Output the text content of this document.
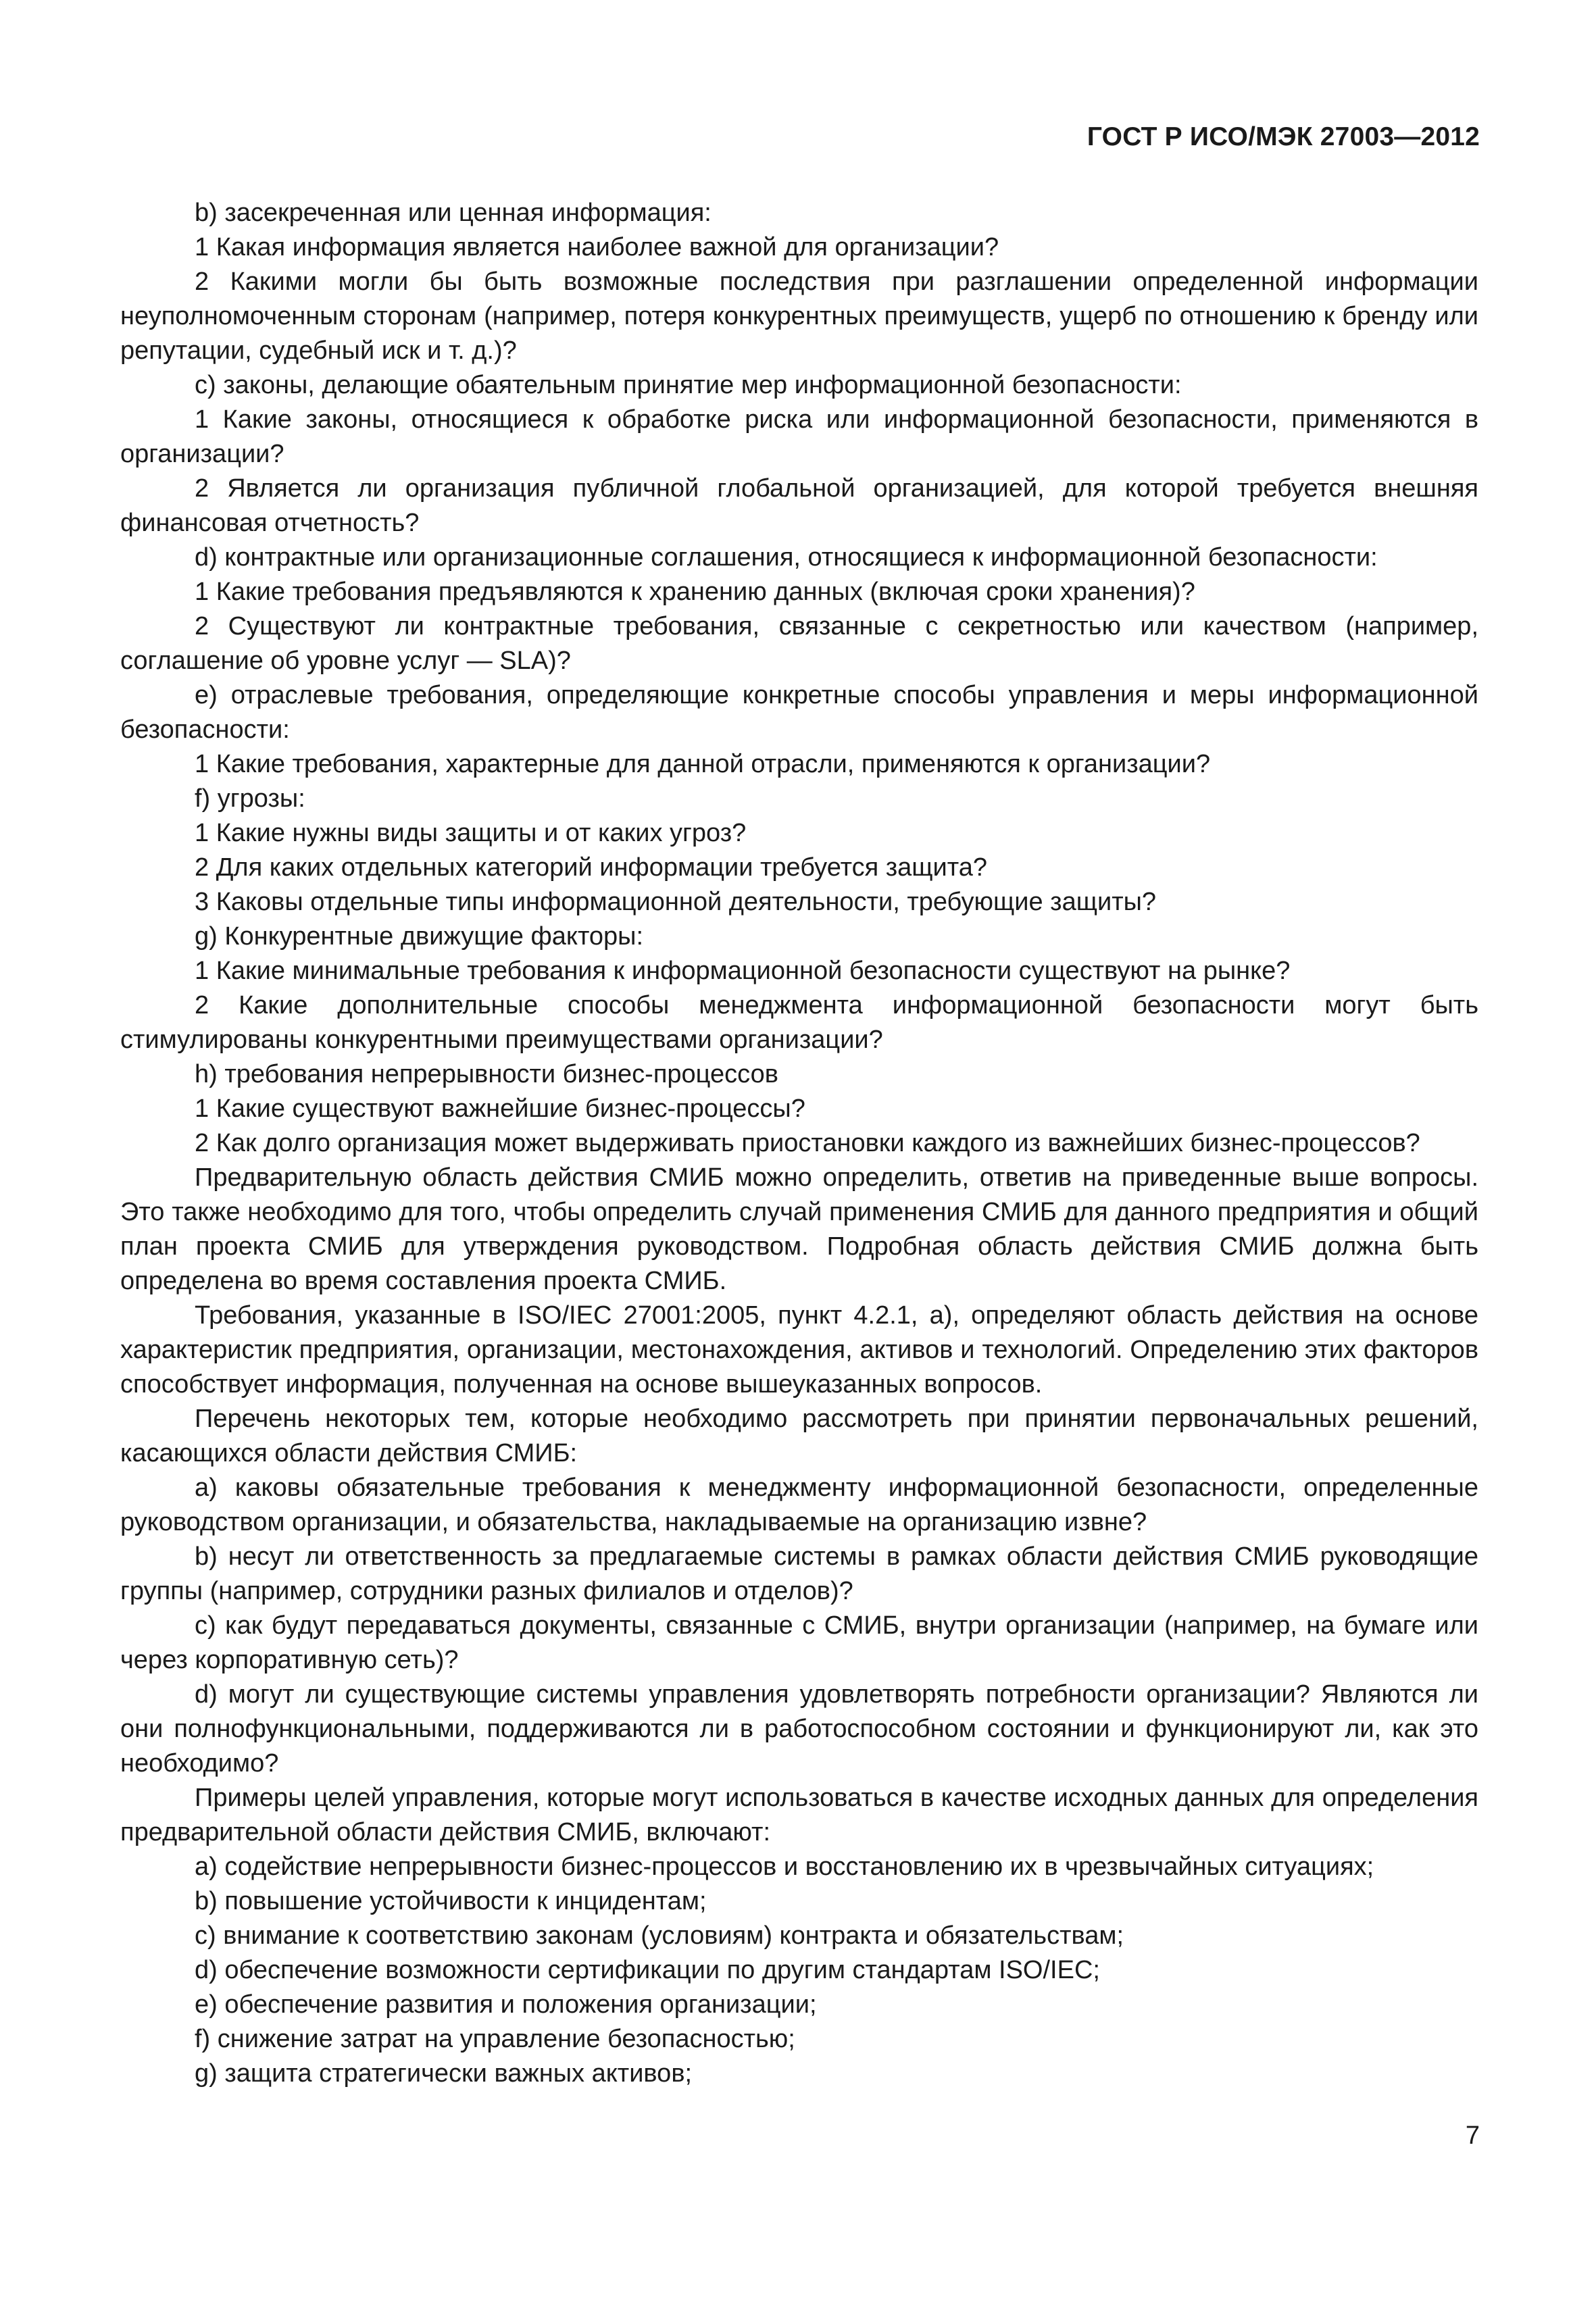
ГОСТ Р ИСО/МЭК 27003—2012

b) засекреченная или ценная информация:

1 Какая информация является наиболее важной для организации?

2 Какими могли бы быть возможные последствия при разглашении определенной информации неуполномоченным сторонам (например, потеря конкурентных преимуществ, ущерб по отношению к бренду или репутации, судебный иск и т. д.)?

c) законы, делающие обаятельным принятие мер информационной безопасности:

1 Какие законы, относящиеся к обработке риска или информационной безопасности, применяются в организации?

2 Является ли организация публичной глобальной организацией, для которой требуется внешняя финансовая отчетность?

d) контрактные или организационные соглашения, относящиеся к информационной безопасности:

1 Какие требования предъявляются к хранению данных (включая сроки хранения)?

2 Существуют ли контрактные требования, связанные с секретностью или качеством (например, соглашение об уровне услуг — SLA)?

e) отраслевые требования, определяющие конкретные способы управления и меры информационной безопасности:

1 Какие требования, характерные для данной отрасли, применяются к организации?

f) угрозы:

1 Какие нужны виды защиты и от каких угроз?

2 Для каких отдельных категорий информации требуется защита?

3 Каковы отдельные типы информационной деятельности, требующие защиты?

g) Конкурентные движущие факторы:

1 Какие минимальные требования к информационной безопасности существуют на рынке?

2 Какие дополнительные способы менеджмента информационной безопасности могут быть стимулированы конкурентными преимуществами организации?

h) требования непрерывности бизнес-процессов

1 Какие существуют важнейшие бизнес-процессы?

2 Как долго организация может выдерживать приостановки каждого из важнейших бизнес-процессов?

Предварительную область действия СМИБ можно определить, ответив на приведенные выше вопросы. Это также необходимо для того, чтобы определить случай применения СМИБ для данного предприятия и общий план проекта СМИБ для утверждения руководством. Подробная область действия СМИБ должна быть определена во время составления проекта СМИБ.

Требования, указанные в ISO/IEC 27001:2005, пункт 4.2.1, а), определяют область действия на основе характеристик предприятия, организации, местонахождения, активов и технологий. Определению этих факторов способствует информация, полученная на основе вышеуказанных вопросов.

Перечень некоторых тем, которые необходимо рассмотреть при принятии первоначальных решений, касающихся области действия СМИБ:

a) каковы обязательные требования к менеджменту информационной безопасности, определенные руководством организации, и обязательства, накладываемые на организацию извне?

b) несут ли ответственность за предлагаемые системы в рамках области действия СМИБ руководящие группы (например, сотрудники разных филиалов и отделов)?

c) как будут передаваться документы, связанные с СМИБ, внутри организации (например, на бумаге или через корпоративную сеть)?

d) могут ли существующие системы управления удовлетворять потребности организации? Являются ли они полнофункциональными, поддерживаются ли в работоспособном состоянии и функционируют ли, как это необходимо?

Примеры целей управления, которые могут использоваться в качестве исходных данных для определения предварительной области действия СМИБ, включают:

a) содействие непрерывности бизнес-процессов и восстановлению их в чрезвычайных ситуациях;

b) повышение устойчивости к инцидентам;

c) внимание к соответствию законам (условиям) контракта и обязательствам;

d) обеспечение возможности сертификации по другим стандартам ISO/IEC;

e) обеспечение развития и положения организации;

f) снижение затрат на управление безопасностью;

g) защита стратегически важных активов;

7
